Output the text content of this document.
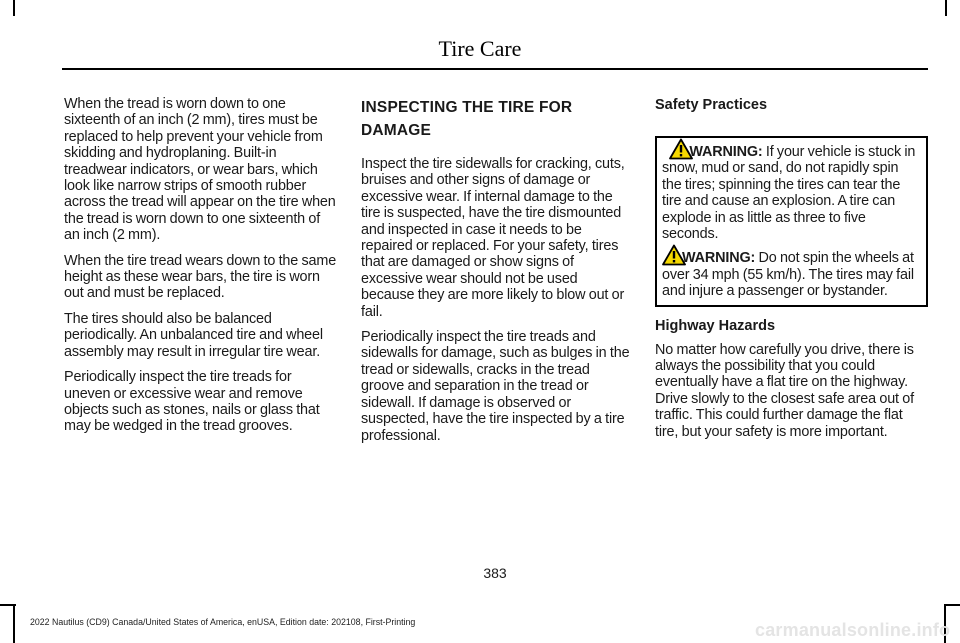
Tire Care

When the tread is worn down to one sixteenth of an inch (2 mm), tires must be replaced to help prevent your vehicle from skidding and hydroplaning. Built-in treadwear indicators, or wear bars, which look like narrow strips of smooth rubber across the tread will appear on the tire when the tread is worn down to one sixteenth of an inch (2 mm).

When the tire tread wears down to the same height as these wear bars, the tire is worn out and must be replaced.

The tires should also be balanced periodically. An unbalanced tire and wheel assembly may result in irregular tire wear.

Periodically inspect the tire treads for uneven or excessive wear and remove objects such as stones, nails or glass that may be wedged in the tread grooves.

INSPECTING THE TIRE FOR
DAMAGE

Inspect the tire sidewalls for cracking, cuts, bruises and other signs of damage or excessive wear. If internal damage to the tire is suspected, have the tire dismounted and inspected in case it needs to be repaired or replaced. For your safety, tires that are damaged or show signs of excessive wear should not be used because they are more likely to blow out or fail.

Periodically inspect the tire treads and sidewalls for damage, such as bulges in the tread or sidewalls, cracks in the tread groove and separation in the tread or sidewall. If damage is observed or suspected, have the tire inspected by a tire professional.

Safety Practices

WARNING: If your vehicle is stuck in snow, mud or sand, do not rapidly spin the tires; spinning the tires can tear the tire and cause an explosion. A tire can explode in as little as three to five seconds.

WARNING: Do not spin the wheels at over 34 mph (55 km/h). The tires may fail and injure a passenger or bystander.

Highway Hazards

No matter how carefully you drive, there is always the possibility that you could eventually have a flat tire on the highway. Drive slowly to the closest safe area out of traffic. This could further damage the flat tire, but your safety is more important.

383
2022 Nautilus (CD9) Canada/United States of America, enUSA, Edition date: 202108, First-Printing	carmanualsonline.info
